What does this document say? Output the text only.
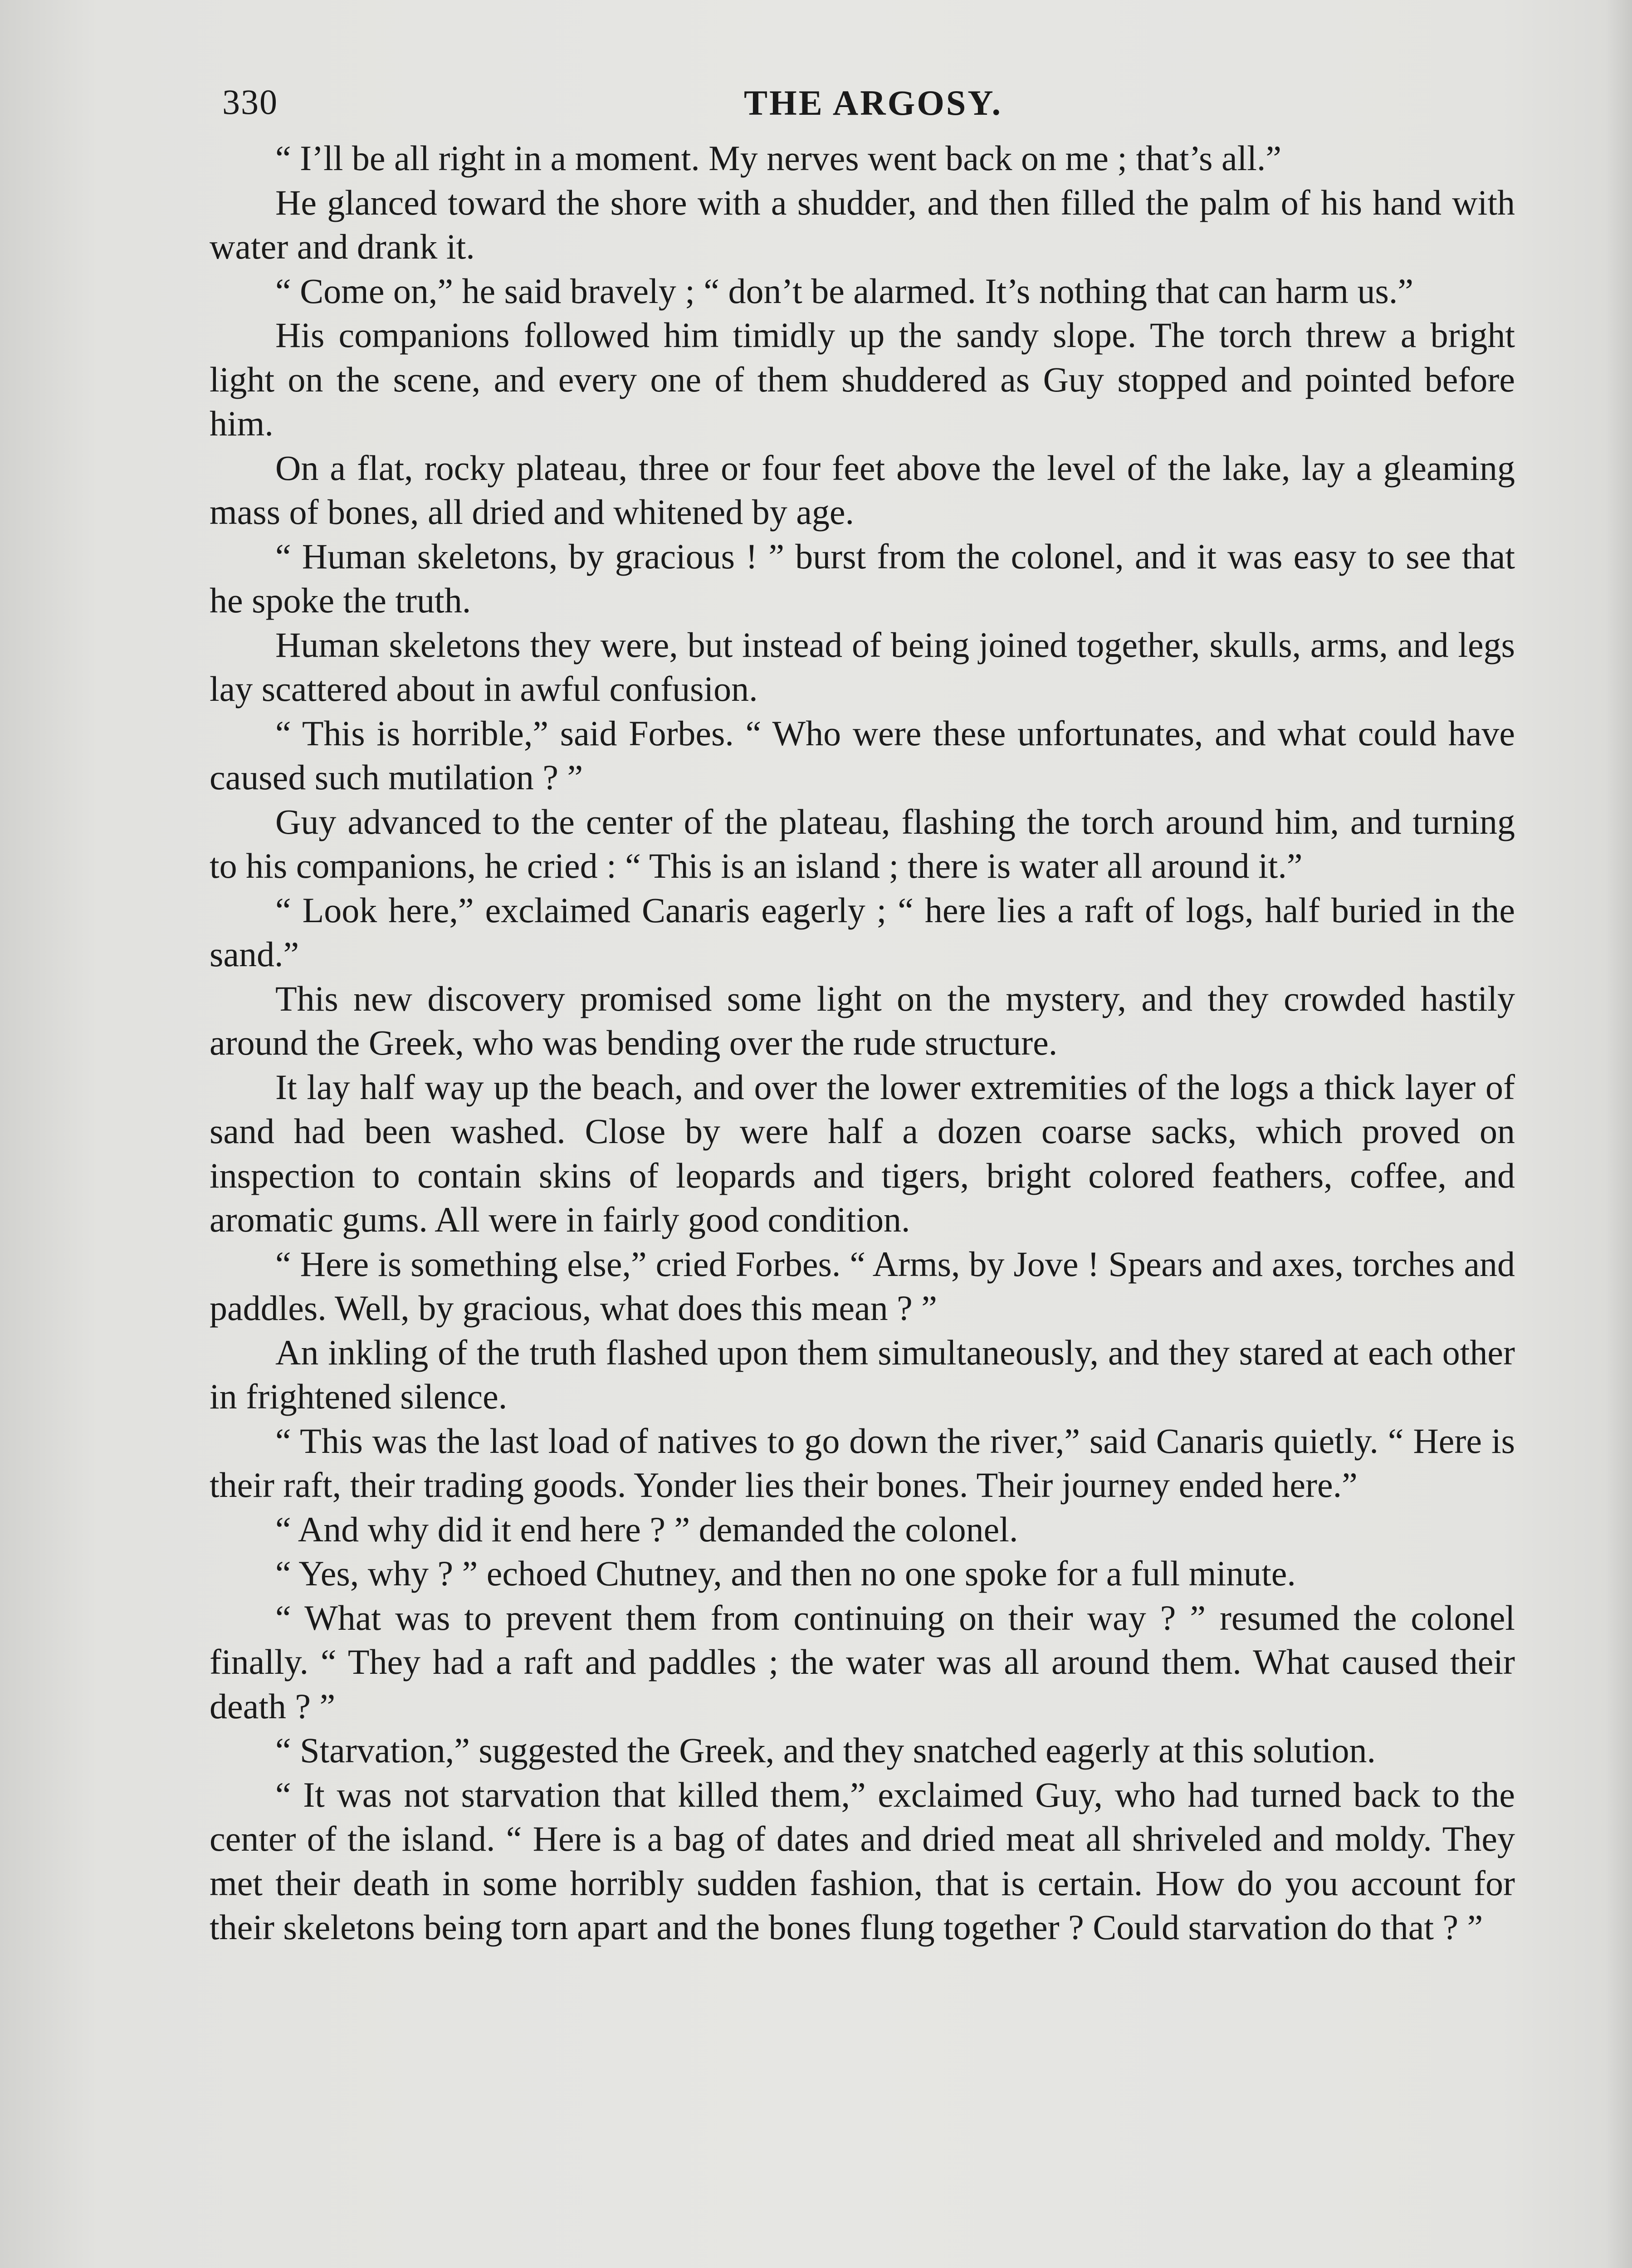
330	THE ARGOSY.

“ I’ll be all right in a moment. My nerves went back on me ; that’s all.”

He glanced toward the shore with a shudder, and then filled the palm of his hand with water and drank it.

“ Come on,” he said bravely ; “ don’t be alarmed. It’s nothing that can harm us.”

His companions followed him timidly up the sandy slope. The torch threw a bright light on the scene, and every one of them shuddered as Guy stopped and pointed before him.

On a flat, rocky plateau, three or four feet above the level of the lake, lay a gleaming mass of bones, all dried and whitened by age.

“ Human skeletons, by gracious ! ” burst from the colonel, and it was easy to see that he spoke the truth.

Human skeletons they were, but instead of being joined together, skulls, arms, and legs lay scattered about in awful confusion.

“ This is horrible,” said Forbes. “ Who were these unfortunates, and what could have caused such mutilation ? ”

Guy advanced to the center of the plateau, flashing the torch around him, and turning to his companions, he cried : “ This is an island ; there is water all around it.”

“ Look here,” exclaimed Canaris eagerly ; “ here lies a raft of logs, half buried in the sand.”

This new discovery promised some light on the mystery, and they crowded hastily around the Greek, who was bending over the rude structure.

It lay half way up the beach, and over the lower extremities of the logs a thick layer of sand had been washed. Close by were half a dozen coarse sacks, which proved on inspection to contain skins of leopards and tigers, bright colored feathers, coffee, and aromatic gums. All were in fairly good condition.

“ Here is something else,” cried Forbes. “ Arms, by Jove ! Spears and axes, torches and paddles. Well, by gracious, what does this mean ? ”

An inkling of the truth flashed upon them simultaneously, and they stared at each other in frightened silence.

“ This was the last load of natives to go down the river,” said Canaris quietly. “ Here is their raft, their trading goods. Yonder lies their bones. Their journey ended here.”

“ And why did it end here ? ” demanded the colonel.

“ Yes, why ? ” echoed Chutney, and then no one spoke for a full minute.

“ What was to prevent them from continuing on their way ? ” resumed the colonel finally. “ They had a raft and paddles ; the water was all around them. What caused their death ? ”

“ Starvation,” suggested the Greek, and they snatched eagerly at this solution.

“ It was not starvation that killed them,” exclaimed Guy, who had turned back to the center of the island. “ Here is a bag of dates and dried meat all shriveled and moldy. They met their death in some horribly sudden fashion, that is certain. How do you account for their skeletons being torn apart and the bones flung together ? Could starvation do that ? ”
